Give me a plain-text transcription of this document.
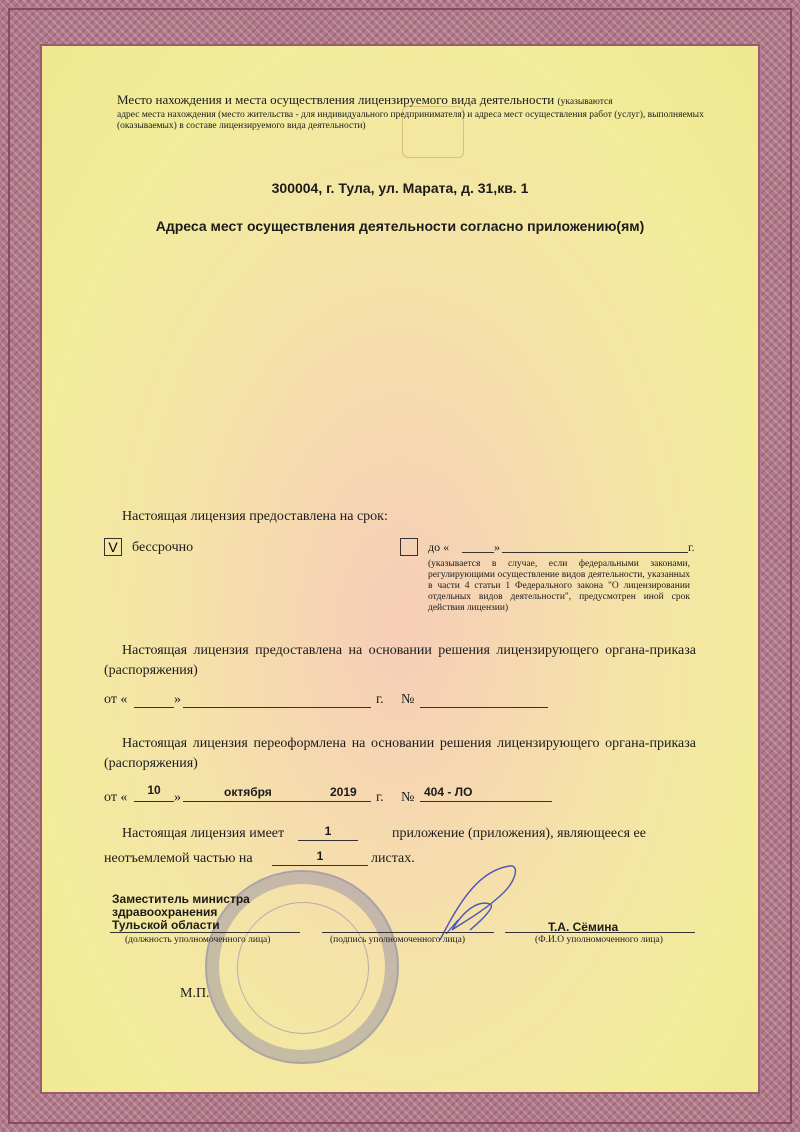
Место нахождения и места осуществления лицензируемого вида деятельности (указываются
адрес места нахождения (место жительства - для индивидуального предпринимателя) и адреса мест осуществления работ (услуг), выполняемых (оказываемых) в составе лицензируемого вида деятельности)
300004, г. Тула, ул. Марата, д. 31,кв. 1
Адреса мест осуществления деятельности согласно приложению(ям)
Настоящая лицензия предоставлена на срок:
V	бессрочно	до «	»	г.
(указывается в случае, если федеральными законами, регулирующими осуществление видов деятельности, указанных в части 4 статьи 1 Федерального закона "О лицензировании отдельных видов деятельности", предусмотрен иной срок действия лицензии)
Настоящая лицензия предоставлена на основании решения лицензирующего органа-приказа (распоряжения)
от «	»	г. №
Настоящая лицензия переоформлена на основании решения лицензирующего органа-приказа (распоряжения)
от «	10 »	октября	2019 г. № 404 - ЛО
Настоящая лицензия имеет	1	приложение (приложения), являющееся ее
неотъемлемой частью на	1	листах.
Заместитель министра
здравоохранения
Тульской области
(должность уполномоченного лица)	(подпись уполномоченного лица)
Т.А. Сёмина
(Ф.И.О уполномоченного лица)
М.П.
